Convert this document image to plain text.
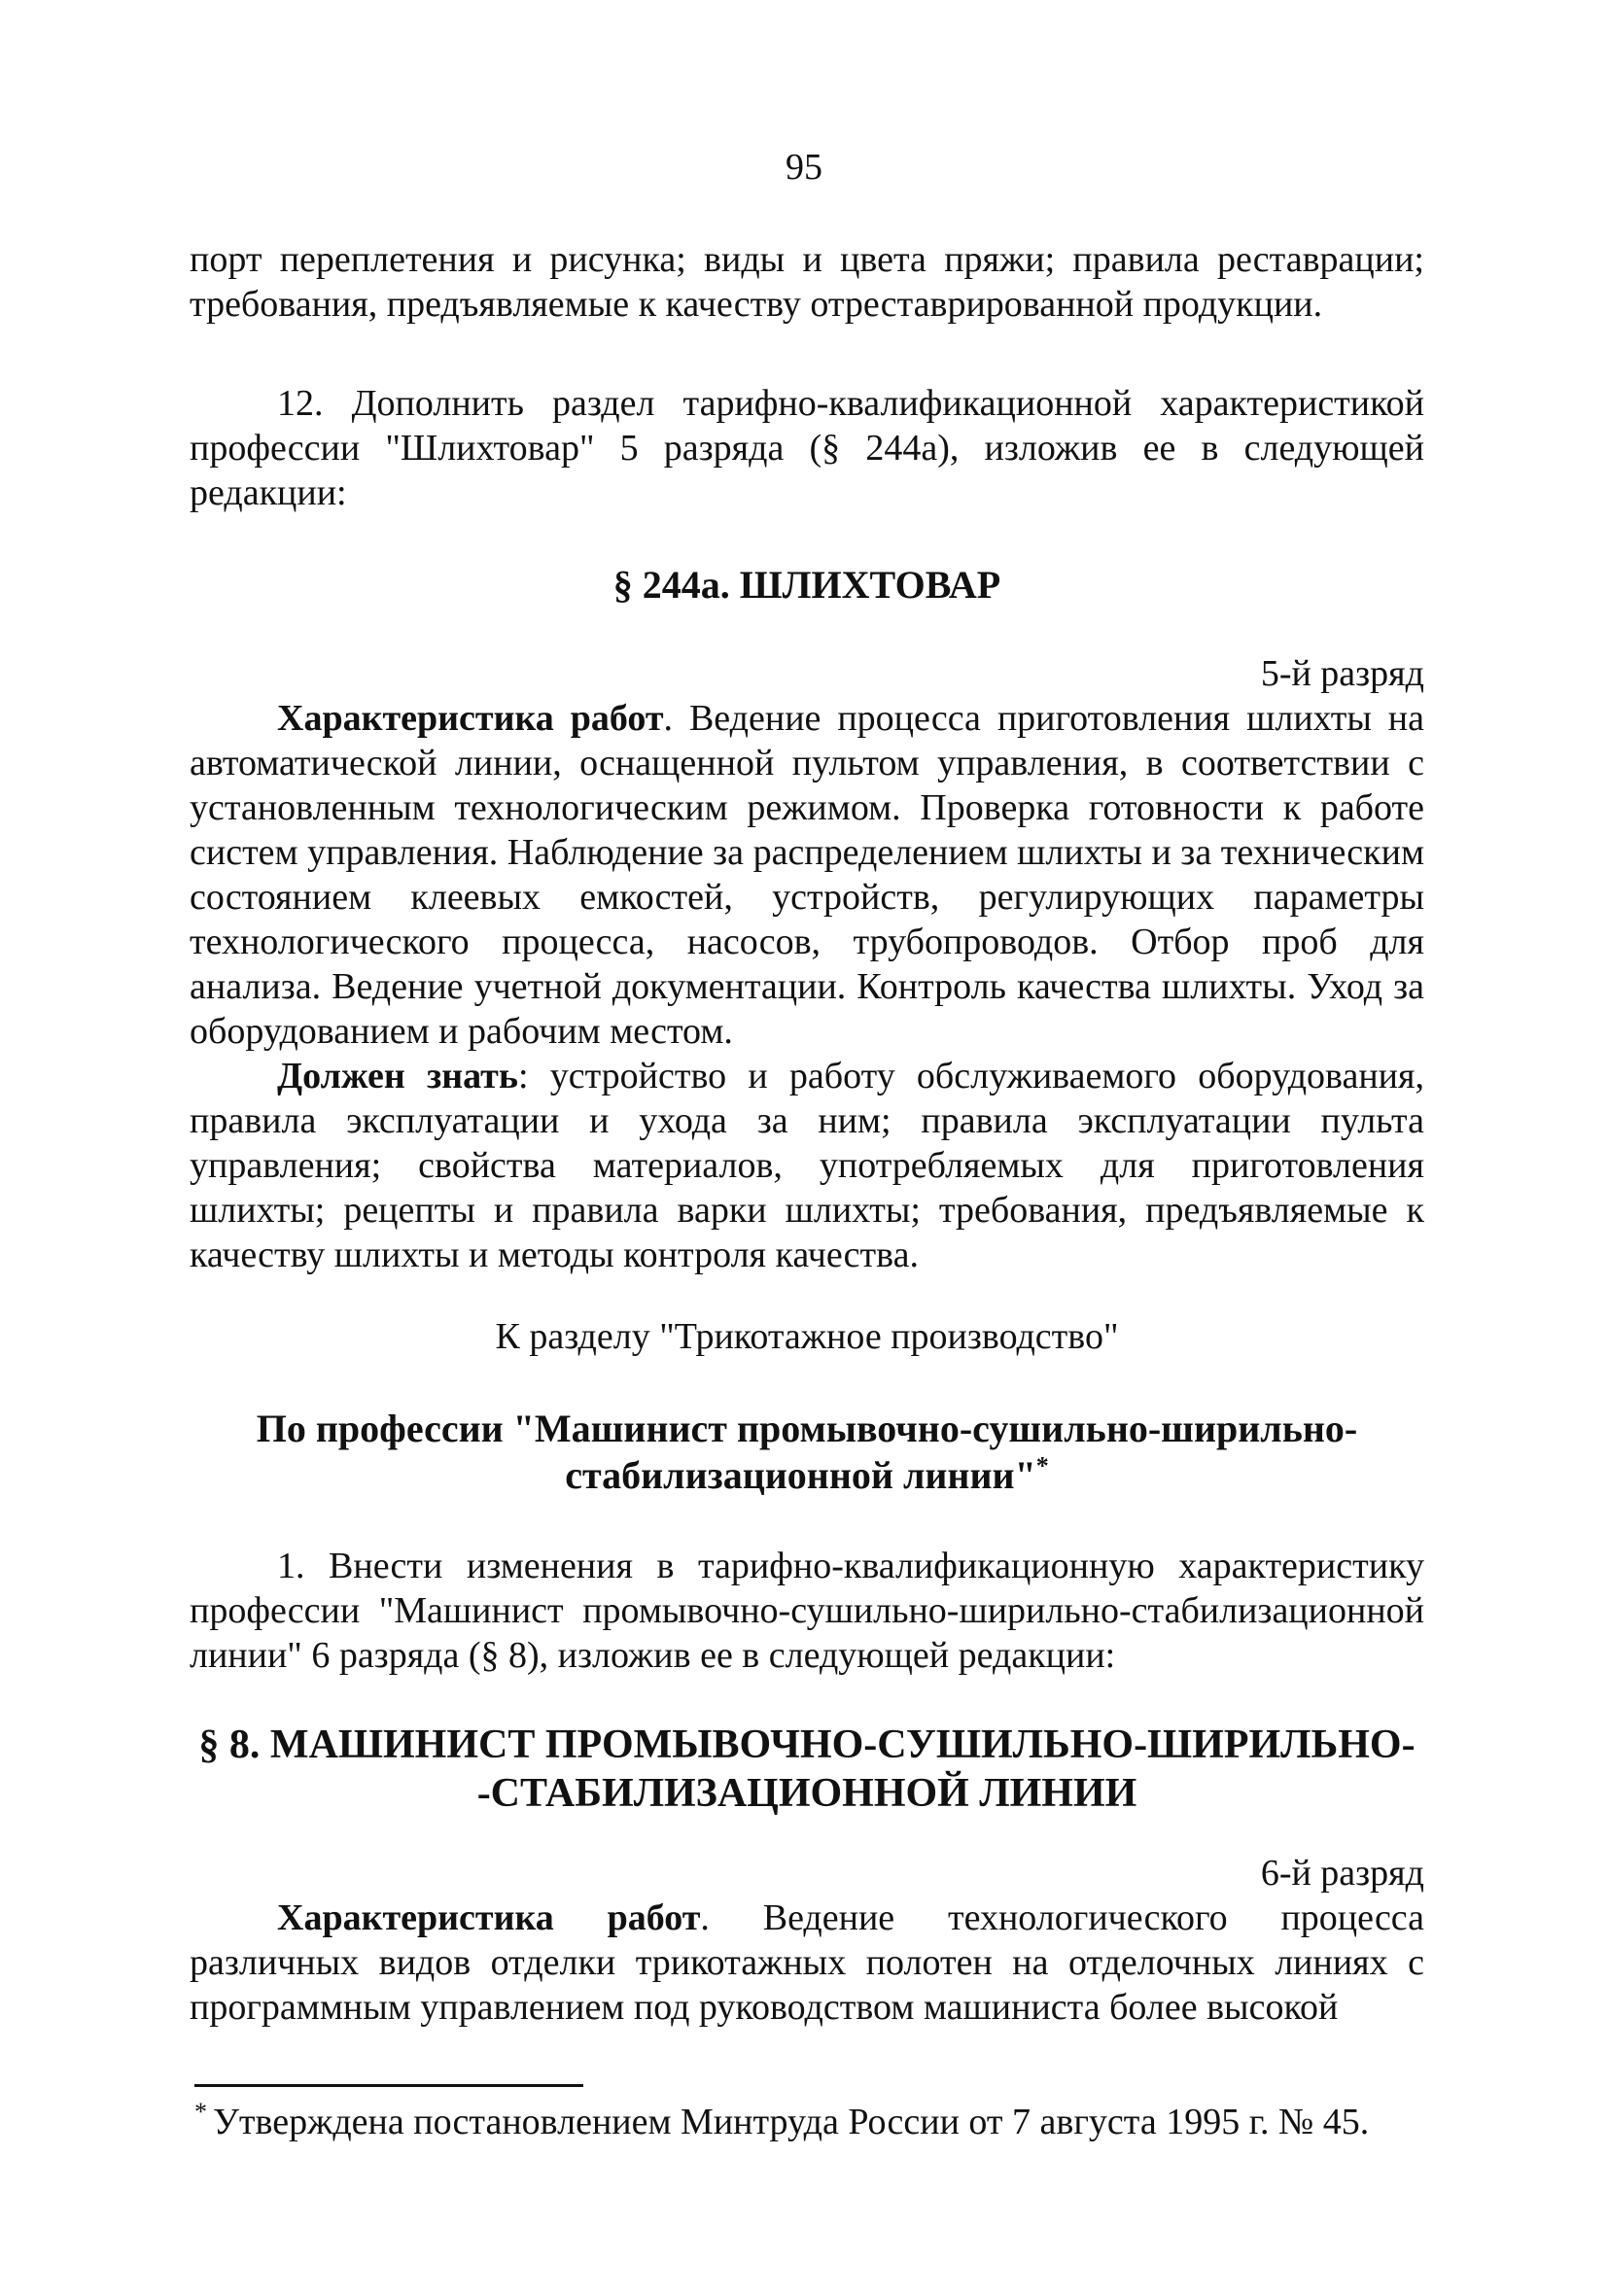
95

порт переплетения и рисунка; виды и цвета пряжи; правила реставрации; требования, предъявляемые к качеству отреставрированной продукции.

12. Дополнить раздел тарифно-квалификационной характеристикой профессии "Шлихтовар" 5 разряда (§ 244а), изложив ее в следующей редакции:

§ 244а. ШЛИХТОВАР

5-й разряд

Характеристика работ. Ведение процесса приготовления шлихты на автоматической линии, оснащенной пультом управления, в соответствии с установленным технологическим режимом. Проверка готовности к работе систем управления. Наблюдение за распределением шлихты и за техническим состоянием клеевых емкостей, устройств, регулирующих параметры технологического процесса, насосов, трубопроводов. Отбор проб для анализа. Ведение учетной документации. Контроль качества шлихты. Уход за оборудованием и рабочим местом.

Должен знать: устройство и работу обслуживаемого оборудования, правила эксплуатации и ухода за ним; правила эксплуатации пульта управления; свойства материалов, употребляемых для приготовления шлихты; рецепты и правила варки шлихты; требования, предъявляемые к качеству шлихты и методы контроля качества.

К разделу "Трикотажное производство"
По профессии "Машинист промывочно-сушильно-ширильно-
стабилизационной линии"*

1. Внести изменения в тарифно-квалификационную характеристику профессии "Машинист промывочно-сушильно-ширильно-стабилизационной линии" 6 разряда (§ 8), изложив ее в следующей редакции:

§ 8. МАШИНИСТ ПРОМЫВОЧНО-СУШИЛЬНО-ШИРИЛЬНО-
-СТАБИЛИЗАЦИОННОЙ ЛИНИИ

6-й разряд

Характеристика работ. Ведение технологического процесса различных видов отделки трикотажных полотен на отделочных линиях с программным управлением под руководством машиниста более высокой

* Утверждена постановлением Минтруда России от 7 августа 1995 г. № 45.
